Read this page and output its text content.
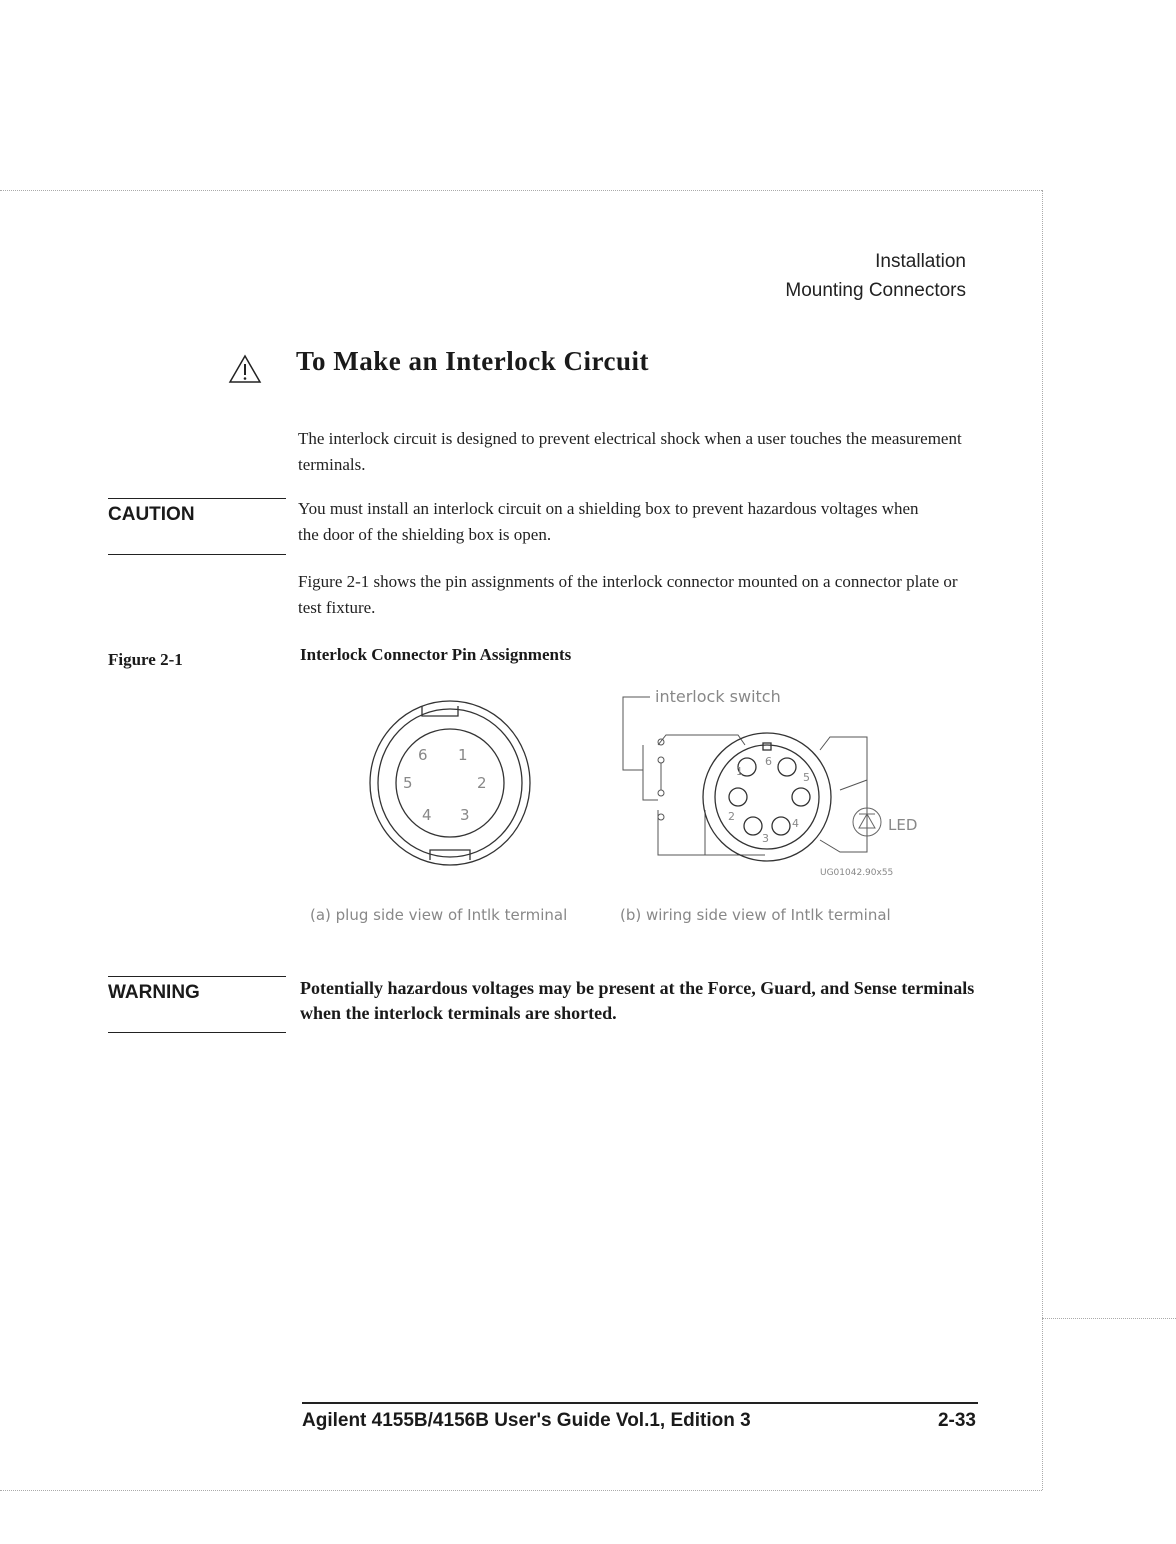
Installation
Mounting Connectors
To Make an Interlock Circuit
The interlock circuit is designed to prevent electrical shock when a user touches the measurement terminals.
CAUTION	You must install an interlock circuit on a shielding box to prevent hazardous voltages when the door of the shielding box is open.
Figure 2-1 shows the pin assignments of the interlock connector mounted on a connector plate or test fixture.
Figure 2-1	Interlock Connector Pin Assignments
6 1
5	2
4 3
interlock switch
1
6
5
2
3
4	LED
UG01042.90x55
(a) plug side view of Intlk terminal	(b) wiring side view of Intlk terminal
WARNING	Potentially hazardous voltages may be present at the Force, Guard, and Sense terminals when the interlock terminals are shorted.
Agilent 4155B/4156B User's Guide Vol.1, Edition 3	2-33
